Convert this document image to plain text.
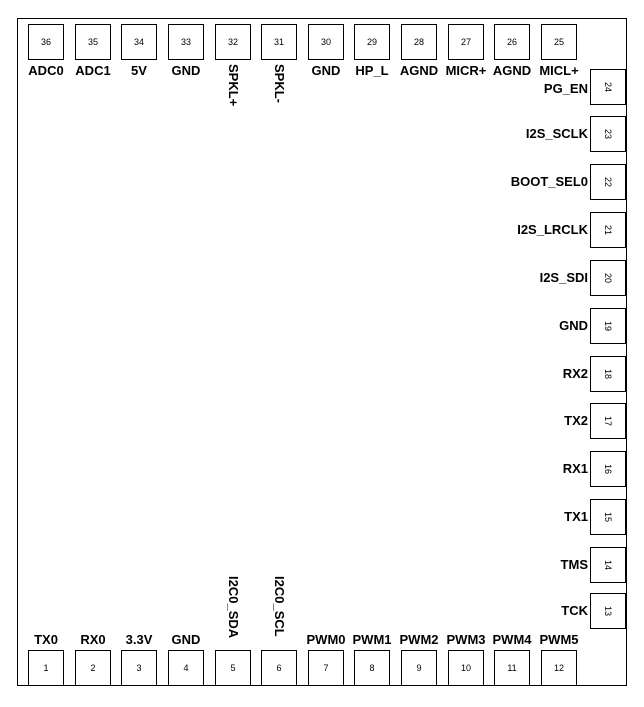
36
ADC0
35
ADC1
34
5V
33
GND
32
SPKL+
31
SPKL-
30
GND
29
HP_L
28
AGND
27
MICR+
26
AGND
25
MICL+
1
TX0
2
RX0
3
3.3V
4
GND
5
I2C0_SDA
6
I2C0_SCL
7
PWM0
8
PWM1
9
PWM2
10
PWM3
11
PWM4
12
PWM5
24
PG_EN
23
I2S_SCLK
22
BOOT_SEL0
21
I2S_LRCLK
20
I2S_SDI
19
GND
18
RX2
17
TX2
16
RX1
15
TX1
14
TMS
13
TCK
